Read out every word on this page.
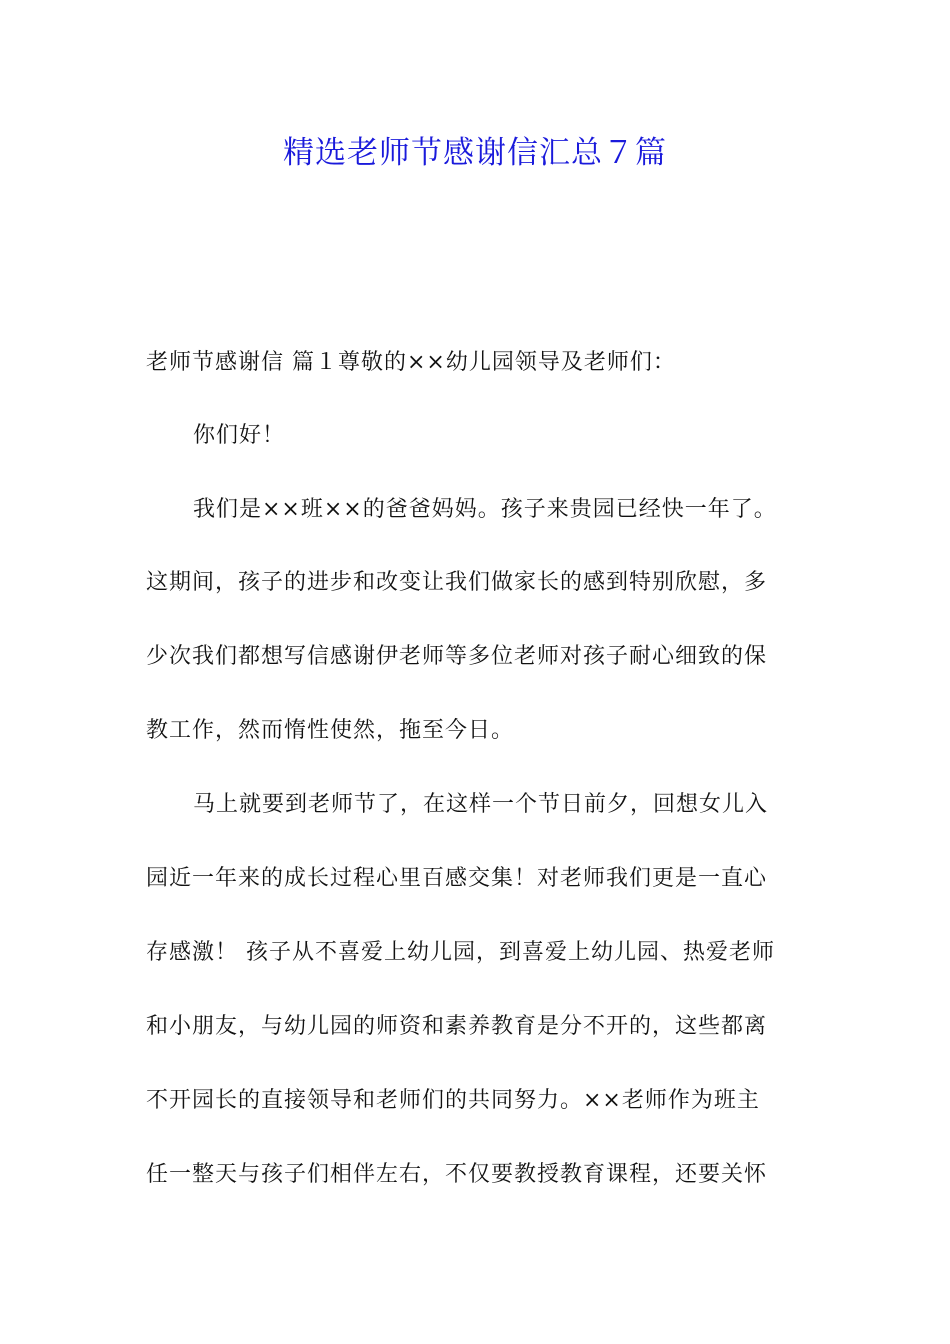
精选老师节感谢信汇总７篇
老师节感谢信 篇１尊敬的××幼儿园领导及老师们：
你们好！
我们是××班××的爸爸妈妈。孩子来贵园已经快一年了。
这期间，孩子的进步和改变让我们做家长的感到特别欣慰，多
少次我们都想写信感谢伊老师等多位老师对孩子耐心细致的保
教工作，然而惰性使然，拖至今日。
马上就要到老师节了，在这样一个节日前夕，回想女儿入
园近一年来的成长过程心里百感交集！对老师我们更是一直心
存感激！ 孩子从不喜爱上幼儿园，到喜爱上幼儿园、热爱老师
和小朋友，与幼儿园的师资和素养教育是分不开的，这些都离
不开园长的直接领导和老师们的共同努力。××老师作为班主
任一整天与孩子们相伴左右，不仅要教授教育课程，还要关怀
